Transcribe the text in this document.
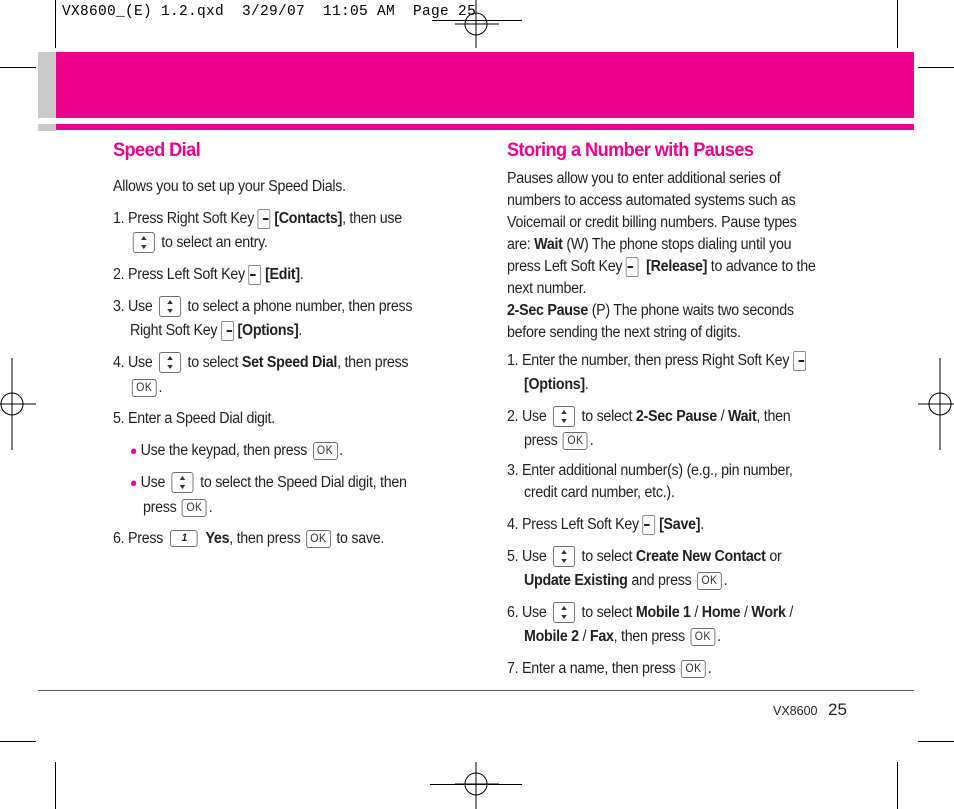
VX8600_(E) 1.2.qxd  3/29/07  11:05 AM  Page 25
Speed Dial
Allows you to set up your Speed Dials.
1. Press Right Soft Key [Contacts], then use
to select an entry.
2. Press Left Soft Key [Edit].
3. Use to select a phone number, then press
Right Soft Key [Options].
4. Use to select Set Speed Dial, then press
OK .
5. Enter a Speed Dial digit.
● Use the keypad, then press OK .
● Use to select the Speed Dial digit, then
press OK .
6. Press 1 Yes, then press OK to save.
Storing a Number with Pauses
Pauses allow you to enter additional series of
numbers to access automated systems such as
Voicemail or credit billing numbers. Pause types
are: Wait (W) The phone stops dialing until you
press Left Soft Key [Release] to advance to the
next number.
2-Sec Pause (P) The phone waits two seconds
before sending the next string of digits.
1. Enter the number, then press Right Soft Key
[Options].
2. Use to select 2-Sec Pause / Wait, then
press OK .
3. Enter additional number(s) (e.g., pin number,
credit card number, etc.).
4. Press Left Soft Key [Save].
5. Use to select Create New Contact or
Update Existing and press OK .
6. Use to select Mobile 1 / Home / Work /
Mobile 2 / Fax, then press OK .
7. Enter a name, then press OK .
VX8600 25
